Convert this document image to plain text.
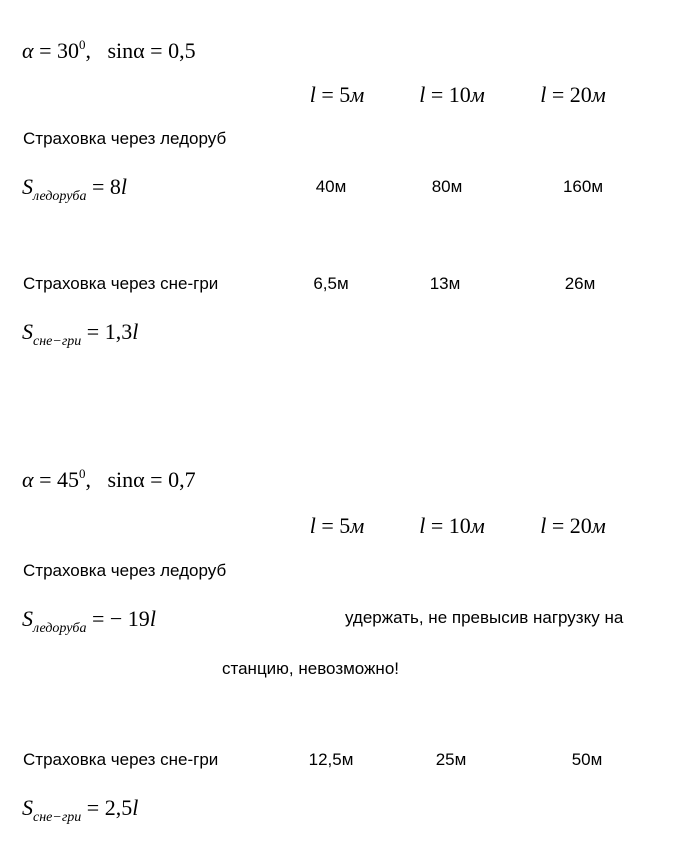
$\alpha = 30^0$, sinα = 0,5
l = 5м l = 10м	l = 20м
Страховка через ледоруб
$S_{ледоруба} = 8l$	40м	80м	160м
Страховка через сне-гри	6,5м	13м	26м
$S_{сне-гри} = 1,3l$
$\alpha = 45^0$, sinα = 0,7
l = 5м l = 10м	l = 20м
Страховка через ледоруб
$S_{ледоруба}$ = − 19l	удержать, не превысив нагрузку на
станцию, невозможно!
Страховка через сне-гри	12,5м	25м	50м
$S_{сне-гри} = 2,5l$
